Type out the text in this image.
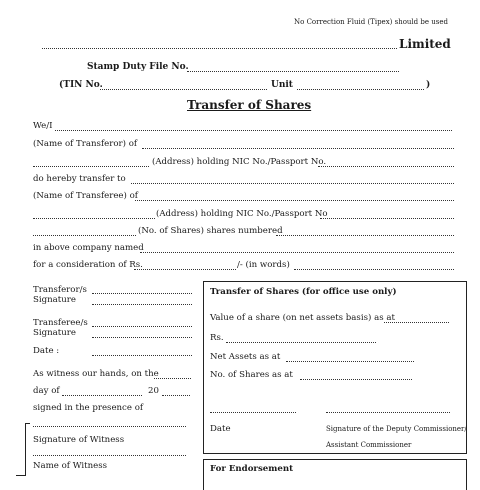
No Correction Fluid (Tipex) should be used
Limited
Stamp Duty File No.
(TIN No.	Unit	)
Transfer of Shares
We/I
(Name of Transferor) of
(Address) holding NIC No./Passport No.
do hereby transfer to
(Name of Transferee) of
(Address) holding NIC No./Passport No
(No. of Shares) shares numbered
in above company named
for a consideration of Rs.	/- (in words)
Transferor/s
Signature
Transferee/s
Signature
Date :
As witness our hands, on the
day of	20
signed in the presence of
Signature of Witness
Name of Witness
Transfer of Shares (for office use only)
Value of a share (on net assets basis) as at
Rs.
Net Assets as at
No. of Shares as at
Date	Signature of the Deputy Commissioner/
Assistant Commissioner
For Endorsement
